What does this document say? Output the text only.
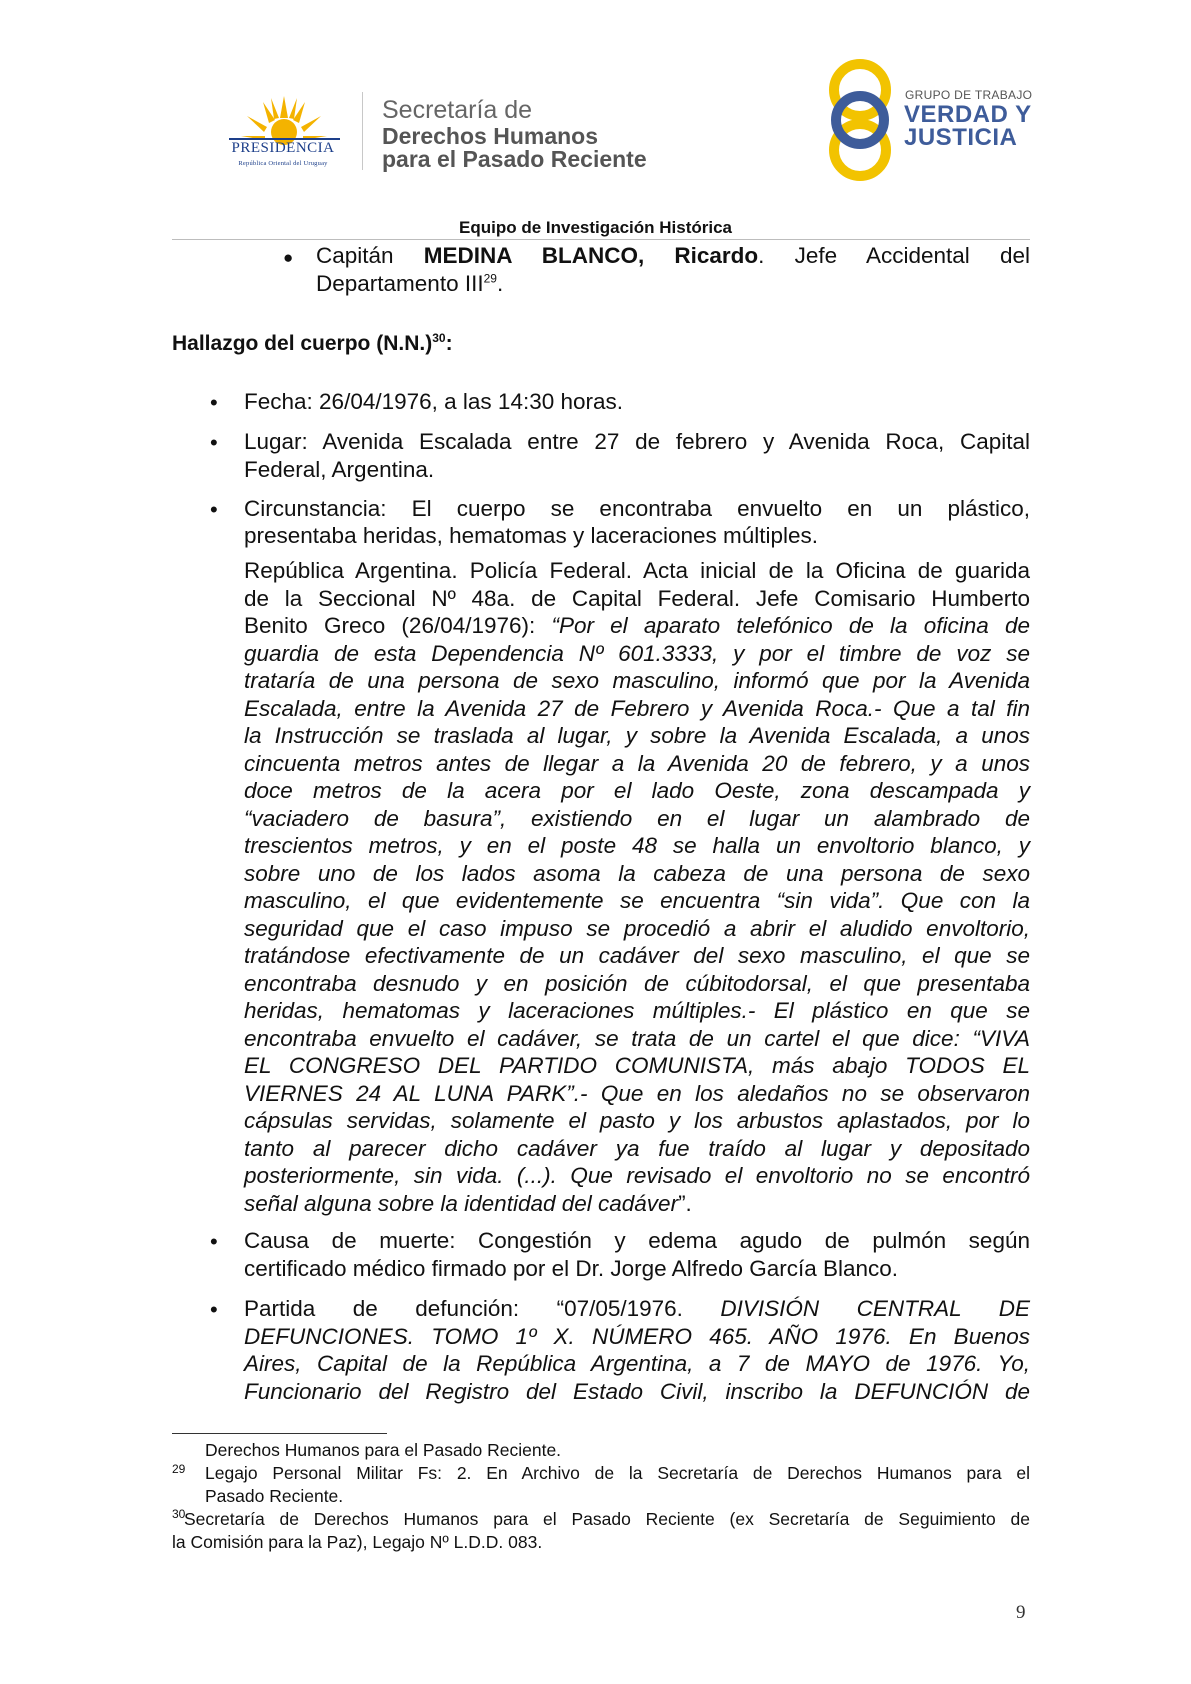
PRESIDENCIA
República Oriental del Uruguay
Secretaría de
Derechos Humanos
para el Pasado Reciente
GRUPO DE TRABAJO
VERDAD Y
JUSTICIA
Equipo de Investigación Histórica
● Capitán MEDINA BLANCO, Ricardo. Jefe Accidental del
Departamento III$^{29}$.
Hallazgo del cuerpo $(N.N.)^{30}$:
• Fecha: 26/04/1976, a las 14:30 horas.
• Lugar: Avenida Escalada entre 27 de febrero y Avenida Roca, Capital
Federal, Argentina.
• Circunstancia: El cuerpo se encontraba envuelto en un plástico,
presentaba heridas, hematomas y laceraciones múltiples.
República Argentina. Policía Federal. Acta inicial de la Oficina de guarida
de la Seccional Nº 48a. de Capital Federal. Jefe Comisario Humberto
Benito Greco (26/04/1976): “Por el aparato telefónico de la oficina de
guardia de esta Dependencia Nº 601.3333, y por el timbre de voz se
trataría de una persona de sexo masculino, informó que por la Avenida
Escalada, entre la Avenida 27 de Febrero y Avenida Roca.- Que a tal fin
la Instrucción se traslada al lugar, y sobre la Avenida Escalada, a unos
cincuenta metros antes de llegar a la Avenida 20 de febrero, y a unos
doce metros de la acera por el lado Oeste, zona descampada y
“vaciadero de basura”, existiendo en el lugar un alambrado de
trescientos metros, y en el poste 48 se halla un envoltorio blanco, y
sobre uno de los lados asoma la cabeza de una persona de sexo
masculino, el que evidentemente se encuentra “sin vida”. Que con la
seguridad que el caso impuso se procedió a abrir el aludido envoltorio,
tratándose efectivamente de un cadáver del sexo masculino, el que se
encontraba desnudo y en posición de cúbitodorsal, el que presentaba
heridas, hematomas y laceraciones múltiples.- El plástico en que se
encontraba envuelto el cadáver, se trata de un cartel el que dice: “VIVA
EL CONGRESO DEL PARTIDO COMUNISTA, más abajo TODOS EL
VIERNES 24 AL LUNA PARK”.- Que en los aledaños no se observaron
cápsulas servidas, solamente el pasto y los arbustos aplastados, por lo
tanto al parecer dicho cadáver ya fue traído al lugar y depositado
posteriormente, sin vida. (...). Que revisado el envoltorio no se encontró
señal alguna sobre la identidad del cadáver”.
• Causa de muerte: Congestión y edema agudo de pulmón según
certificado médico firmado por el Dr. Jorge Alfredo García Blanco.
• Partida de defunción: “07/05/1976. DIVISIÓN CENTRAL DE
DEFUNCIONES. TOMO 1º X. NÚMERO 465. AÑO 1976. En Buenos
Aires, Capital de la República Argentina, a 7 de MAYO de 1976. Yo,
Funcionario del Registro del Estado Civil, inscribo la DEFUNCIÓN de
Derechos Humanos para el Pasado Reciente.
29 Legajo Personal Militar Fs: 2. En Archivo de la Secretaría de Derechos Humanos para el
Pasado Reciente.
30
Secretaría de Derechos Humanos para el Pasado Reciente (ex Secretaría de Seguimiento de
la Comisión para la Paz), Legajo Nº L.D.D. 083.
9
